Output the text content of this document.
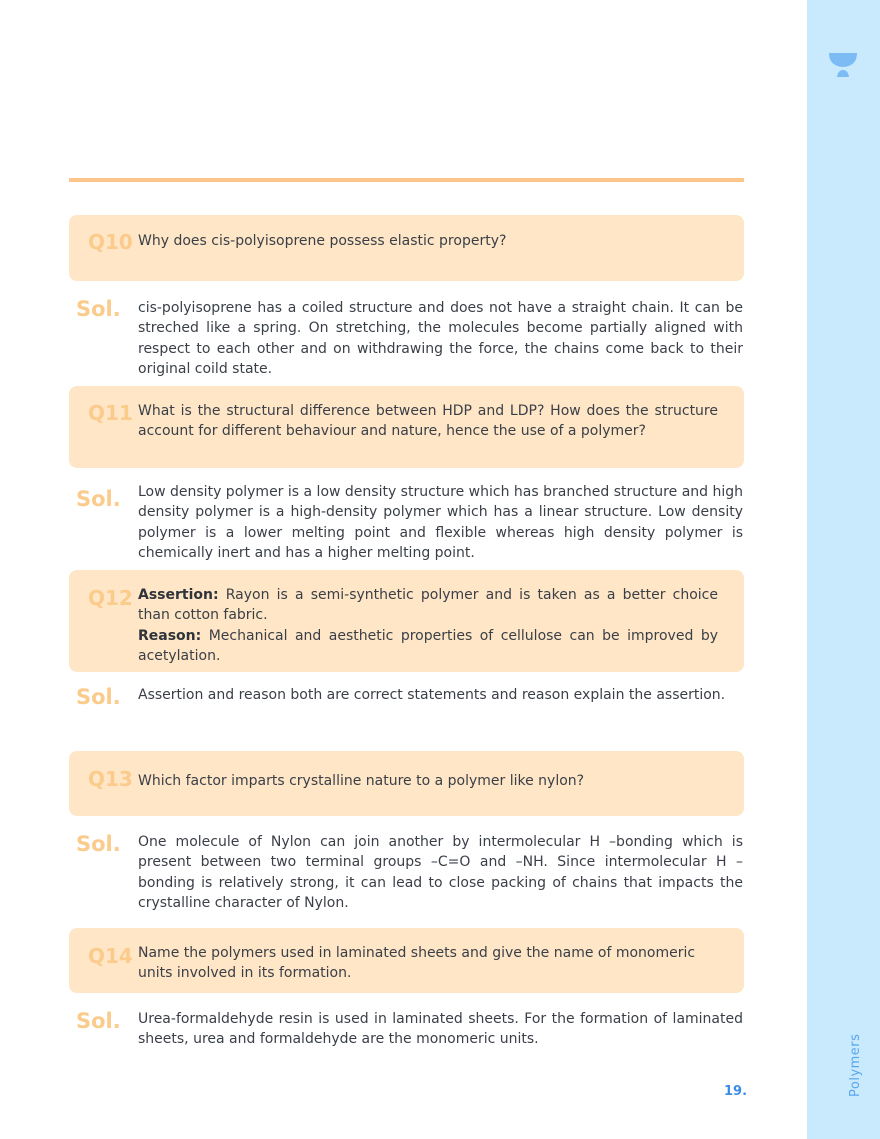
Polymers
Q10 Why does cis-polyisoprene possess elastic property?
Sol.	cis-polyisoprene has a coiled structure and does not have a straight chain. It can be streched like a spring. On stretching, the molecules become partially aligned with respect to each other and on withdrawing the force, the chains come back to their original coild state.
Q11 What is the structural difference between HDP and LDP? How does the structure account for different behaviour and nature, hence the use of a polymer?
Sol.	Low density polymer is a low density structure which has branched structure and high density polymer is a high-density polymer which has a linear structure. Low density polymer is a lower melting point and flexible whereas high density polymer is chemically inert and has a higher melting point.
Q12 Assertion: Rayon is a semi-synthetic polymer and is taken as a better choice than cotton fabric.
Reason: Mechanical and aesthetic properties of cellulose can be improved by acetylation.
Sol.	Assertion and reason both are correct statements and reason explain the assertion.
Q13 Which factor imparts crystalline nature to a polymer like nylon?
Sol.	One molecule of Nylon can join another by intermolecular H –bonding which is present between two terminal groups –C=O and –NH. Since intermolecular H –bonding is relatively strong, it can lead to close packing of chains that impacts the crystalline character of Nylon.
Q14 Name the polymers used in laminated sheets and give the name of monomeric units involved in its formation.
Sol.	Urea-formaldehyde resin is used in laminated sheets. For the formation of laminated sheets, urea and formaldehyde are the monomeric units.
19.
